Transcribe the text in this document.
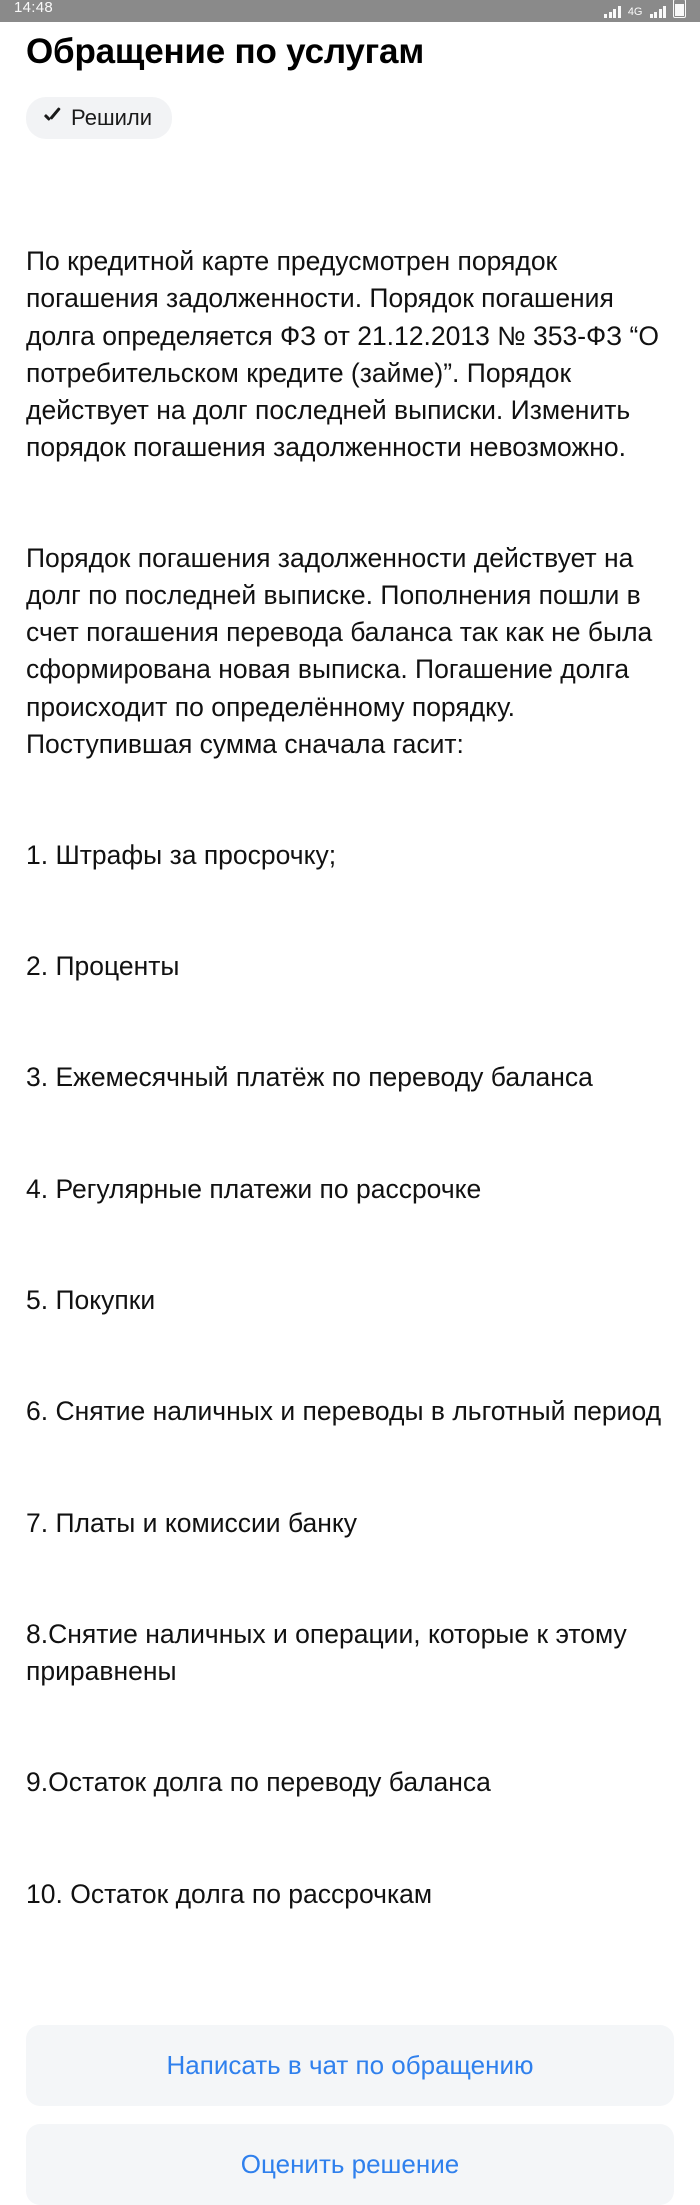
14:48	4G
Обращение по услугам
Решили

По кредитной карте предусмотрен порядок погашения задолженности. Порядок погашения долга определяется ФЗ от 21.12.2013 № 353-ФЗ “О потребительском кредите (займе)”. Порядок действует на долг последней выписки. Изменить порядок погашения задолженности невозможно.

Порядок погашения задолженности действует на долг по последней выписке. Пополнения пошли в счет погашения перевода баланса так как не была сформирована новая выписка. Погашение долга происходит по определённому порядку. Поступившая сумма сначала гасит:

1. Штрафы за просрочку;

2. Проценты

3. Ежемесячный платёж по переводу баланса

4. Регулярные платежи по рассрочке

5. Покупки

6. Снятие наличных и переводы в льготный период

7. Платы и комиссии банку

8.Снятие наличных и операции, которые к этому приравнены

9.Остаток долга по переводу баланса

10. Остаток долга по рассрочкам

Написать в чат по обращению
Оценить решение
